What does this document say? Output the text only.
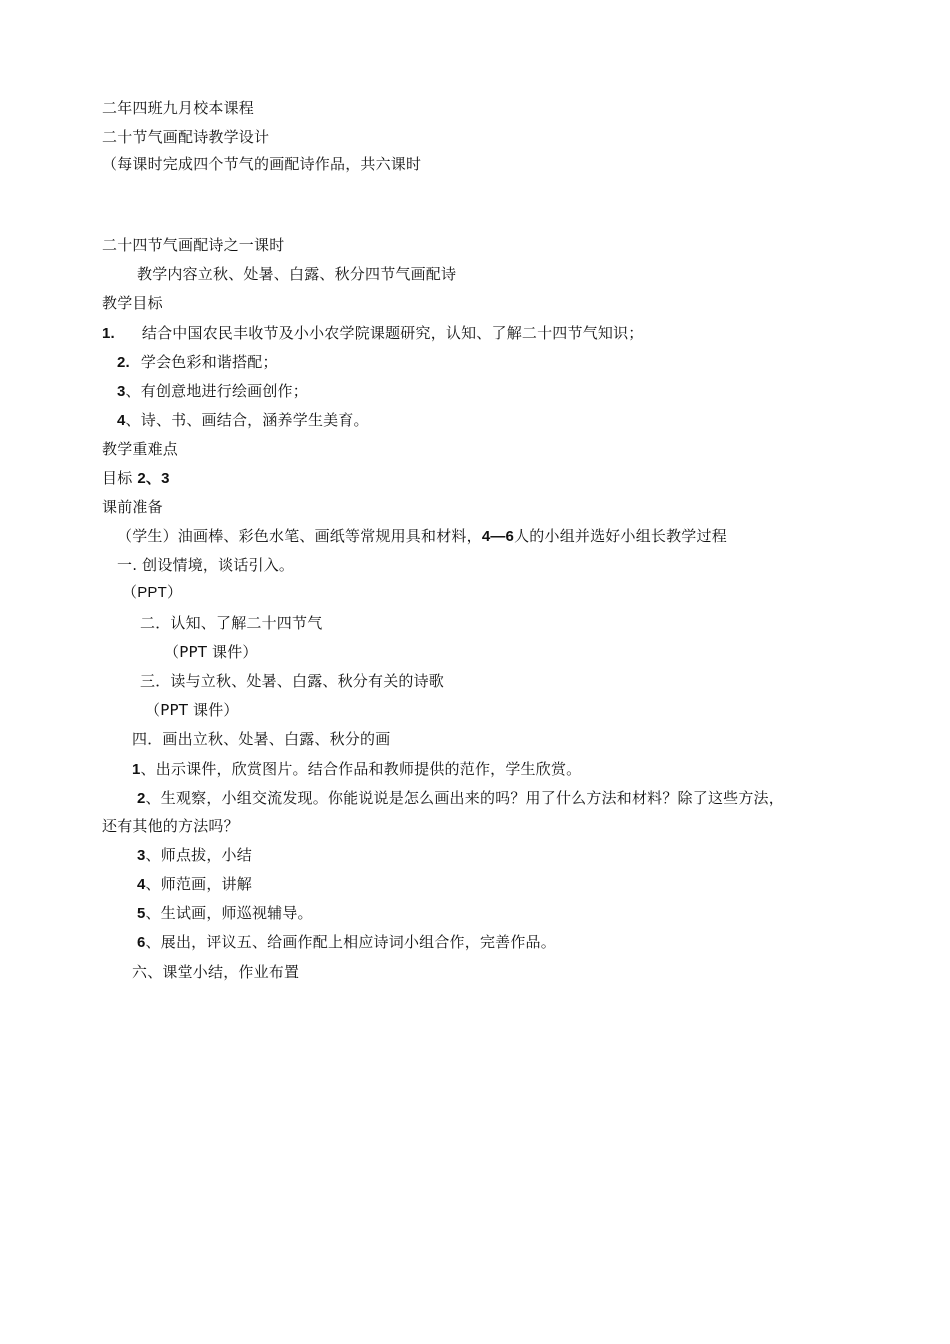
二年四班九月校本课程
二十节气画配诗教学设计
（每课时完成四个节气的画配诗作品，共六课时
二十四节气画配诗之一课时
教学内容立秋、处暑、白露、秋分四节气画配诗
教学目标
1. 结合中国农民丰收节及小小农学院课题研究，认知、了解二十四节气知识；
2. 学会色彩和谐搭配；
3、有创意地进行绘画创作；
4、诗、书、画结合，涵养学生美育。
教学重难点
目标 2、3
课前准备
（学生）油画棒、彩色水笔、画纸等常规用具和材料，4—6人的小组并选好小组长教学过程
一. 创设情境，谈话引入。
（PPT）
二．认知、了解二十四节气
（PPT 课件）
三．读与立秋、处暑、白露、秋分有关的诗歌
（PPT 课件）
四．画出立秋、处暑、白露、秋分的画
1、出示课件，欣赏图片。结合作品和教师提供的范作，学生欣赏。
2、生观察，小组交流发现。你能说说是怎么画出来的吗？用了什么方法和材料？除了这些方法，
还有其他的方法吗？
3、师点拔，小结
4、师范画，讲解
5、生试画，师巡视辅导。
6、展出，评议五、给画作配上相应诗词小组合作，完善作品。
六、课堂小结，作业布置
